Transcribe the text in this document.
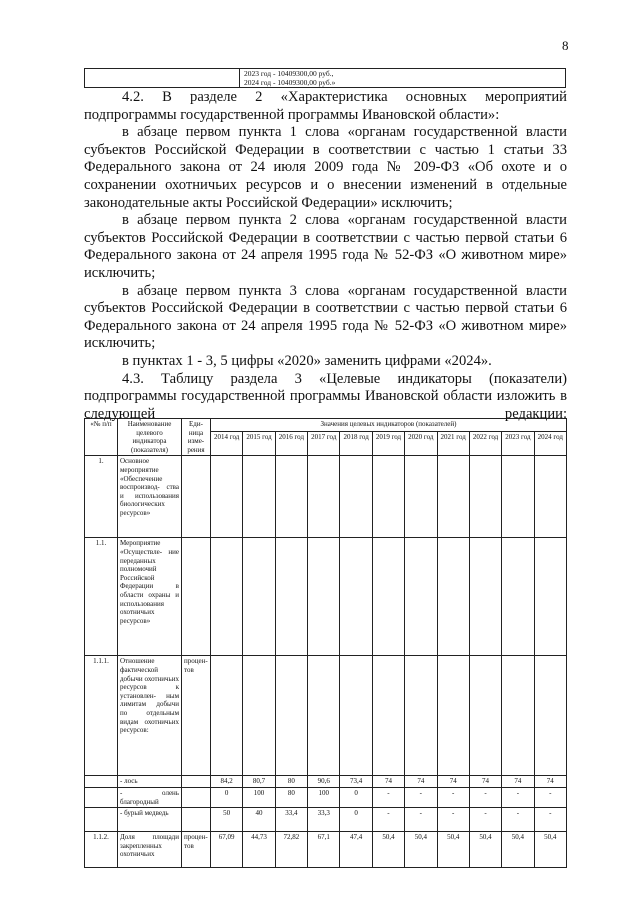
8

2023 год - 10409300,00 руб.,
2024 год - 10409300,00 руб.»

4.2. В разделе 2 «Характеристика основных мероприятий подпрограммы государственной программы Ивановской области»:

в абзаце первом пункта 1 слова «органам государственной власти субъектов Российской Федерации в соответствии с частью 1 статьи 33 Федерального закона от 24 июля 2009 года № 209-ФЗ «Об охоте и о сохранении охотничьих ресурсов и о внесении изменений в отдельные законодательные акты Российской Федерации» исключить;

в абзаце первом пункта 2 слова «органам государственной власти субъектов Российской Федерации в соответствии с частью первой статьи 6 Федерального закона от 24 апреля 1995 года № 52-ФЗ «О животном мире» исключить;

в абзаце первом пункта 3 слова «органам государственной власти субъектов Российской Федерации в соответствии с частью первой статьи 6 Федерального закона от 24 апреля 1995 года № 52-ФЗ «О животном мире» исключить;

в пунктах 1 - 3, 5 цифры «2020» заменить цифрами «2024».

4.3. Таблицу раздела 3 «Целевые индикаторы (показатели) подпрограммы государственной программы Ивановской области изложить в следующей редакции:

«№ п/п	Наименование целевого индикатора (показателя)	Еди- ница изме- рения	Значения целевых индикаторов (показателей)										
			2014 год	2015 год	2016 год	2017 год	2018 год	2019 год	2020 год	2021 год	2022 год	2023 год	2024 год
1.	Основное мероприятие «Обеспечение воспроизвод- ства и использования биологических ресурсов»												
1.1.	Мероприятие «Осуществле- ние переданных полномочий Российской Федерации в области охраны и использования охотничьих ресурсов»												
1.1.1.	Отношение фактической добычи охотничьих ресурсов к установлен- ным лимитам добычи по отдельным видам охотничьих ресурсов:	процен- тов											
	- лось		84,2	80,7	80	90,6	73,4	74	74	74	74	74	74
	- олень благородный		0	100	80	100	0	-	-	-	-	-	-
	- бурый медведь		50	40	33,4	33,3	0	-	-	-	-	-	-
1.1.2.	Доля площади закрепленных охотничьих	процен- тов	67,09	44,73	72,82	67,1	47,4	50,4	50,4	50,4	50,4	50,4	50,4
